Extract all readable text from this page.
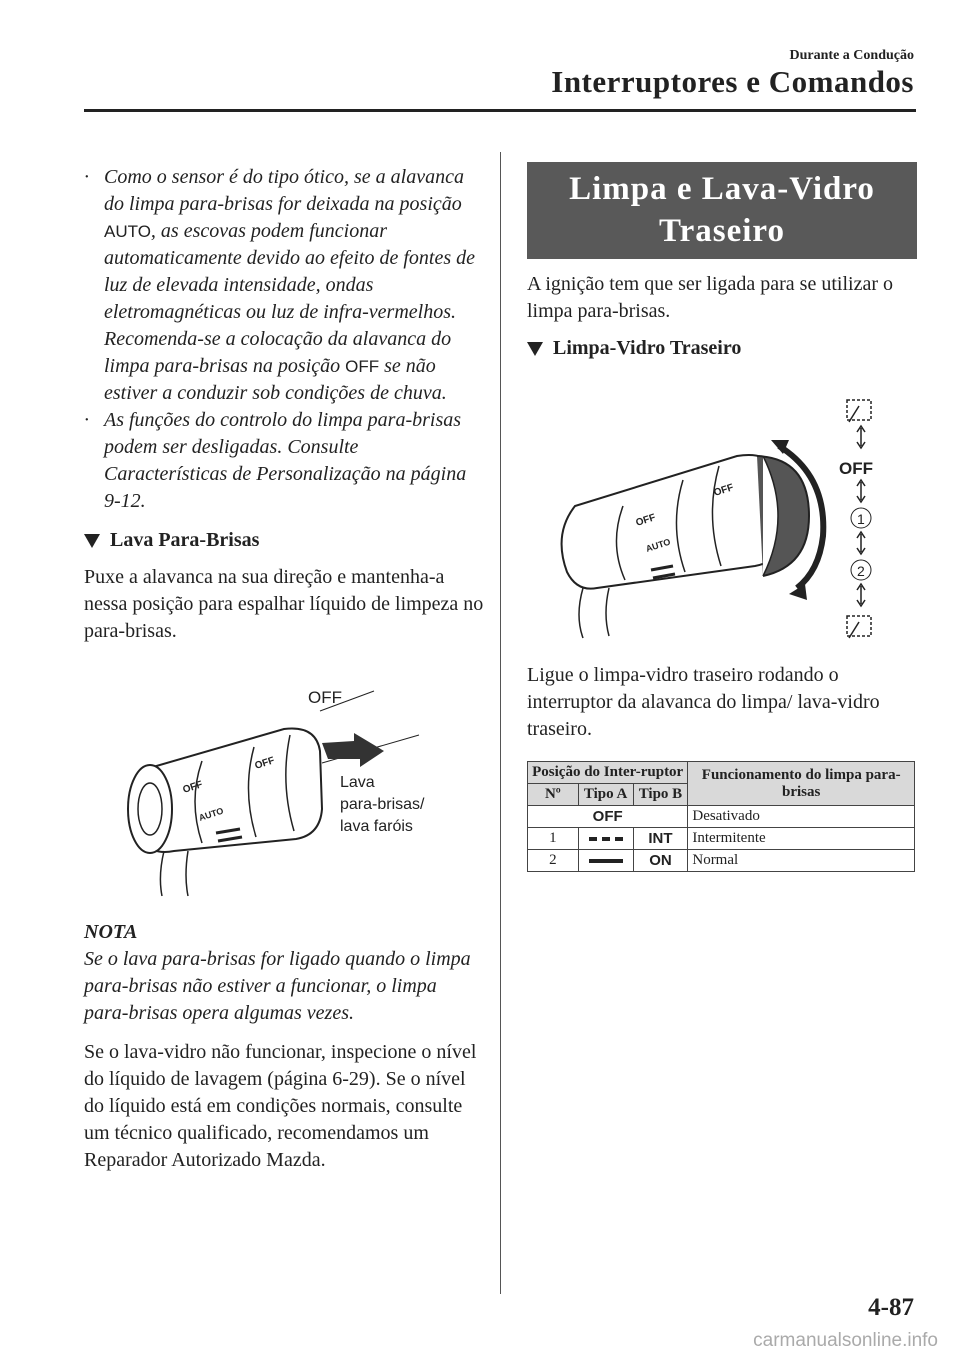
Durante a Condução
Interruptores e Comandos
· Como o sensor é do tipo ótico, se a alavanca do limpa para-brisas for deixada na posição AUTO, as escovas podem funcionar automaticamente devido ao efeito de fontes de luz de elevada intensidade, ondas eletromagnéticas ou luz de infra-vermelhos. Recomenda-se a colocação da alavanca do limpa para-brisas na posição OFF se não estiver a conduzir sob condições de chuva.
· As funções do controlo do limpa para-brisas podem ser desligadas. Consulte Características de Personalização na página 9-12.
Lava Para-Brisas

Puxe a alavanca na sua direção e mantenha-a nessa posição para espalhar líquido de limpeza no para-brisas.

OFF
OFF
AUTO
OFF
Lava
para-brisas/
lava faróis

NOTA

Se o lava para-brisas for ligado quando o limpa para-brisas não estiver a funcionar, o limpa para-brisas opera algumas vezes.

Se o lava-vidro não funcionar, inspecione o nível do líquido de lavagem (página 6-29). Se o nível do líquido está em condições normais, consulte um técnico qualificado, recomendamos um Reparador Autorizado Mazda.

Limpa e Lava-Vidro
Traseiro

A ignição tem que ser ligada para se utilizar o limpa para-brisas.

Limpa-Vidro Traseiro
OFF
1
2
OFF
AUTO
OFF

Ligue o limpa-vidro traseiro rodando o interruptor da alavanca do limpa/ lava-vidro traseiro.

Posição do Inter-ruptor			Funcionamento do limpa para-brisas
Nº	Tipo A	Tipo B	
OFF			Desativado
1		INT	Intermitente
2		ON	Normal
4-87
carmanualsonline.info
